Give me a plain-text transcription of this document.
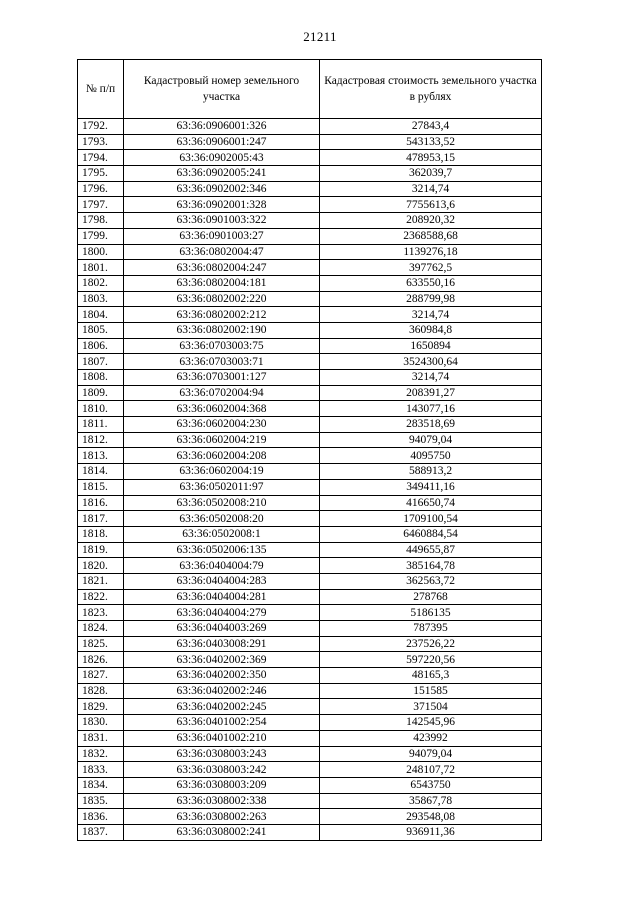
21211
№ п/п	Кадастровый номер земельного участка	Кадастровая стоимость земельного участка в рублях
1792.	63:36:0906001:326	27843,4
1793.	63:36:0906001:247	543133,52
1794.	63:36:0902005:43	478953,15
1795.	63:36:0902005:241	362039,7
1796.	63:36:0902002:346	3214,74
1797.	63:36:0902001:328	7755613,6
1798.	63:36:0901003:322	208920,32
1799.	63:36:0901003:27	2368588,68
1800.	63:36:0802004:47	1139276,18
1801.	63:36:0802004:247	397762,5
1802.	63:36:0802004:181	633550,16
1803.	63:36:0802002:220	288799,98
1804.	63:36:0802002:212	3214,74
1805.	63:36:0802002:190	360984,8
1806.	63:36:0703003:75	1650894
1807.	63:36:0703003:71	3524300,64
1808.	63:36:0703001:127	3214,74
1809.	63:36:0702004:94	208391,27
1810.	63:36:0602004:368	143077,16
1811.	63:36:0602004:230	283518,69
1812.	63:36:0602004:219	94079,04
1813.	63:36:0602004:208	4095750
1814.	63:36:0602004:19	588913,2
1815.	63:36:0502011:97	349411,16
1816.	63:36:0502008:210	416650,74
1817.	63:36:0502008:20	1709100,54
1818.	63:36:0502008:1	6460884,54
1819.	63:36:0502006:135	449655,87
1820.	63:36:0404004:79	385164,78
1821.	63:36:0404004:283	362563,72
1822.	63:36:0404004:281	278768
1823.	63:36:0404004:279	5186135
1824.	63:36:0404003:269	787395
1825.	63:36:0403008:291	237526,22
1826.	63:36:0402002:369	597220,56
1827.	63:36:0402002:350	48165,3
1828.	63:36:0402002:246	151585
1829.	63:36:0402002:245	371504
1830.	63:36:0401002:254	142545,96
1831.	63:36:0401002:210	423992
1832.	63:36:0308003:243	94079,04
1833.	63:36:0308003:242	248107,72
1834.	63:36:0308003:209	6543750
1835.	63:36:0308002:338	35867,78
1836.	63:36:0308002:263	293548,08
1837.	63:36:0308002:241	936911,36
